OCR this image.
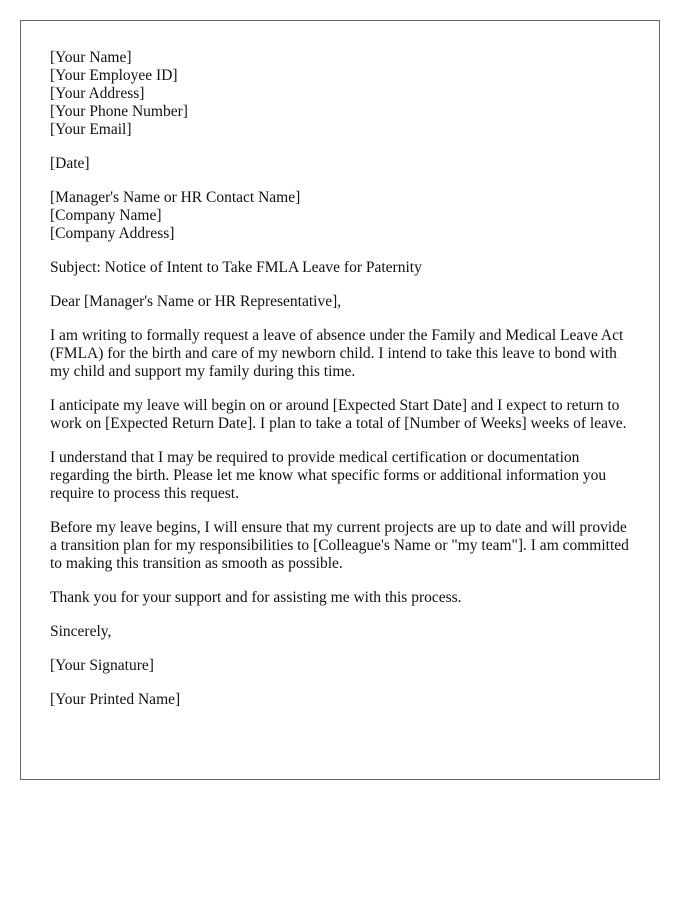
[Your Name]
[Your Employee ID]
[Your Address]
[Your Phone Number]
[Your Email]
[Date]
[Manager's Name or HR Contact Name]
[Company Name]
[Company Address]
Subject: Notice of Intent to Take FMLA Leave for Paternity
Dear [Manager's Name or HR Representative],

I am writing to formally request a leave of absence under the Family and Medical Leave Act (FMLA) for the birth and care of my newborn child. I intend to take this leave to bond with my child and support my family during this time.

I anticipate my leave will begin on or around [Expected Start Date] and I expect to return to work on [Expected Return Date]. I plan to take a total of [Number of Weeks] weeks of leave.

I understand that I may be required to provide medical certification or documentation regarding the birth. Please let me know what specific forms or additional information you require to process this request.

Before my leave begins, I will ensure that my current projects are up to date and will provide a transition plan for my responsibilities to [Colleague's Name or "my team"]. I am committed to making this transition as smooth as possible.

Thank you for your support and for assisting me with this process.

Sincerely,
[Your Signature]
[Your Printed Name]
